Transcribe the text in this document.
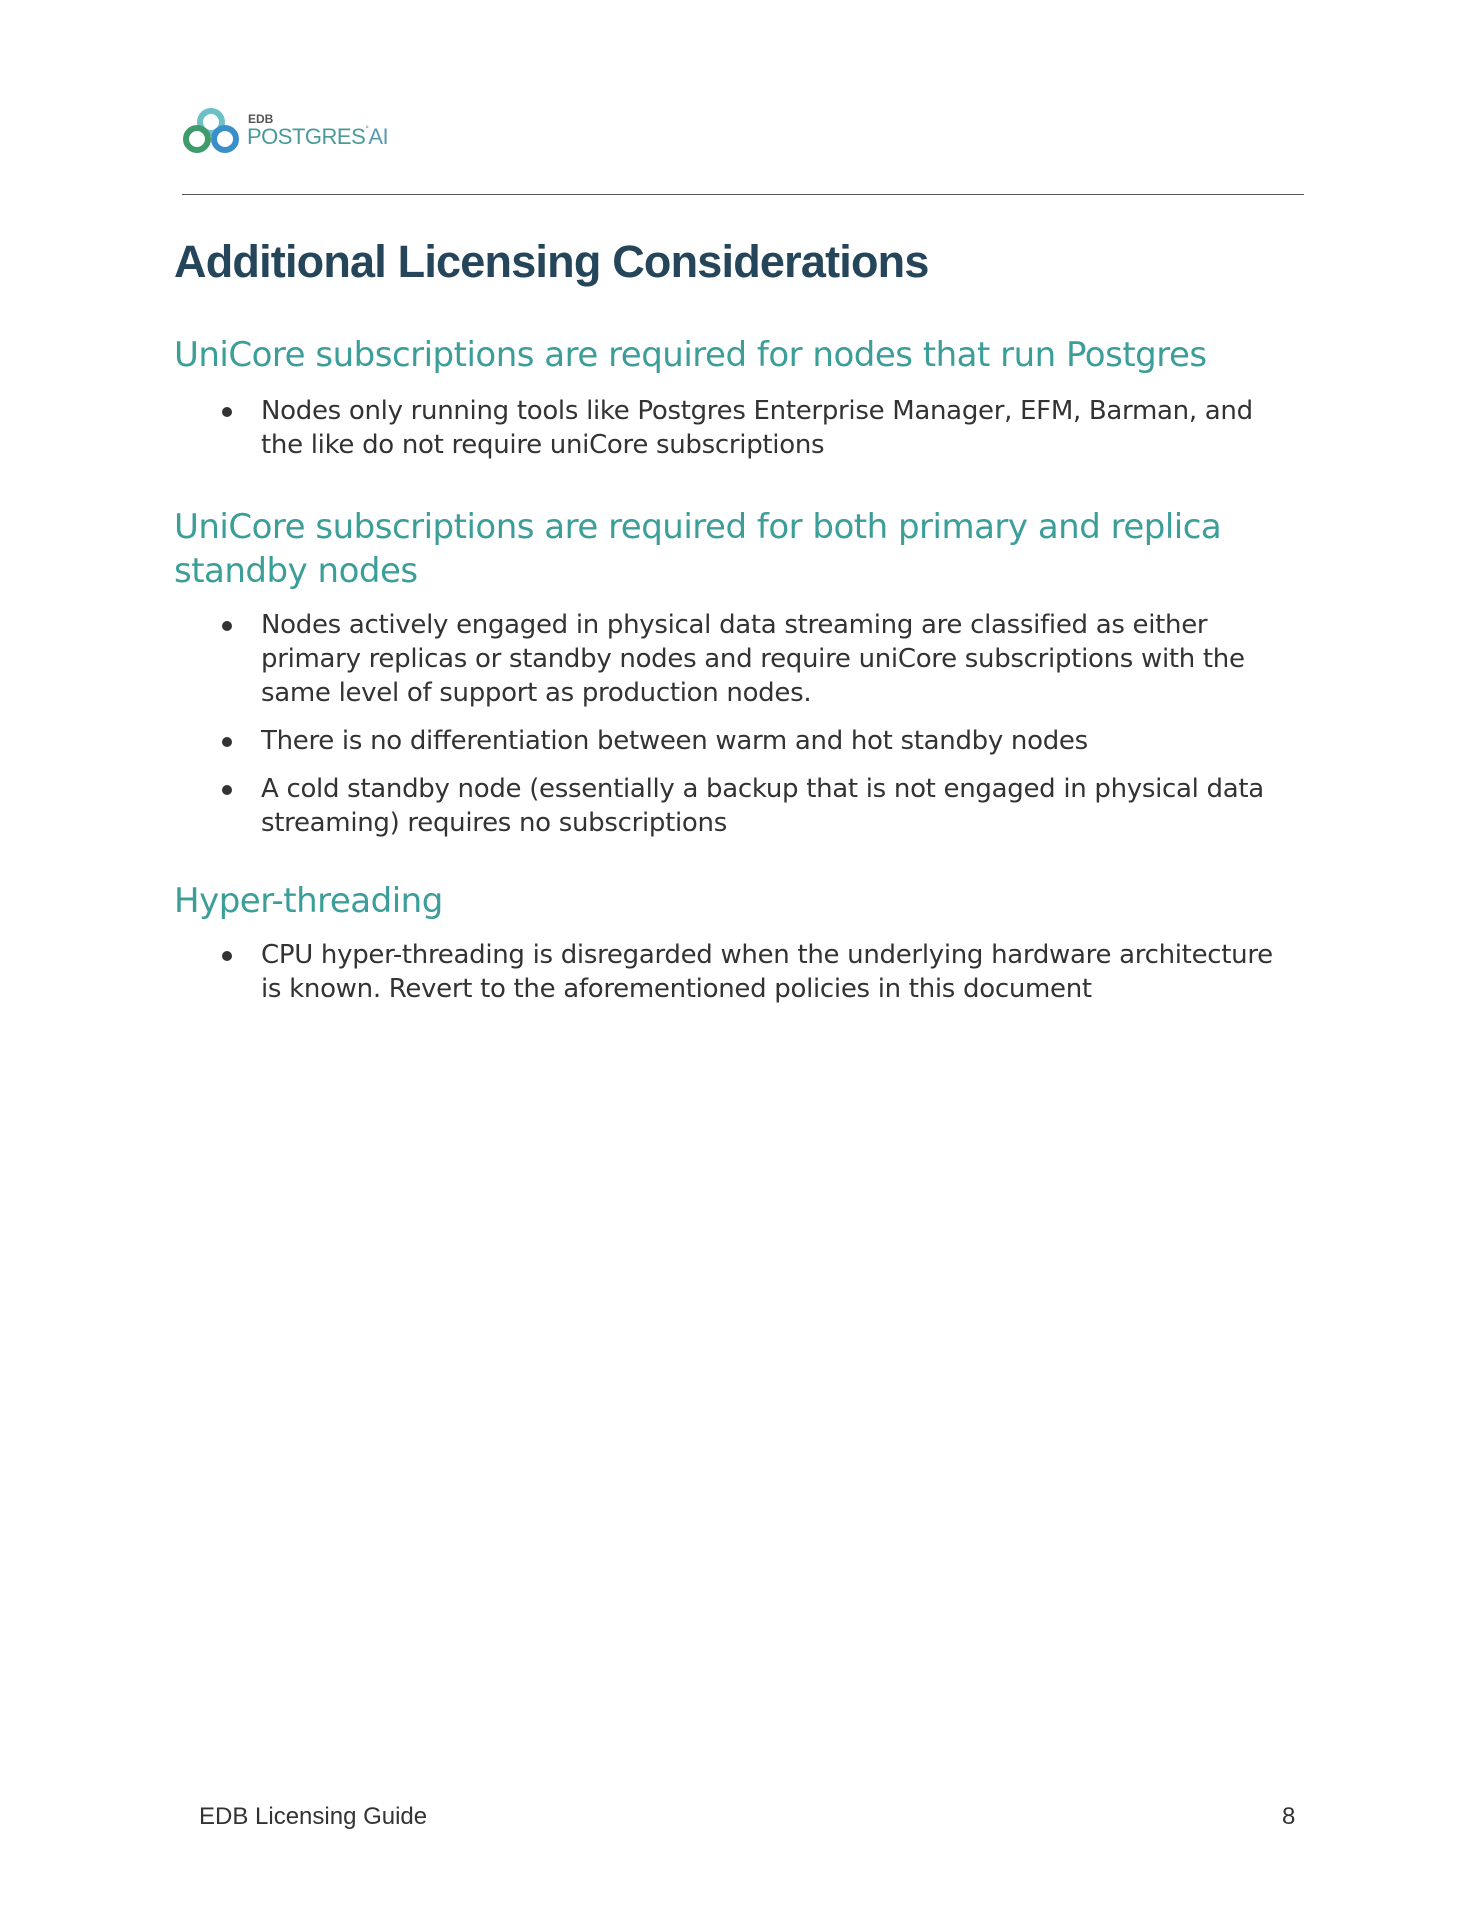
EDB
POSTGRES°AI
Additional Licensing Considerations
UniCore subscriptions are required for nodes that run Postgres
Nodes only running tools like Postgres Enterprise Manager, EFM, Barman, and the like do not require uniCore subscriptions
UniCore subscriptions are required for both primary and replica standby nodes
Nodes actively engaged in physical data streaming are classified as either primary replicas or standby nodes and require uniCore subscriptions with the same level of support as production nodes.
There is no differentiation between warm and hot standby nodes
A cold standby node (essentially a backup that is not engaged in physical data streaming) requires no subscriptions
Hyper-threading
CPU hyper-threading is disregarded when the underlying hardware architecture is known. Revert to the aforementioned policies in this document
EDB Licensing Guide	8
